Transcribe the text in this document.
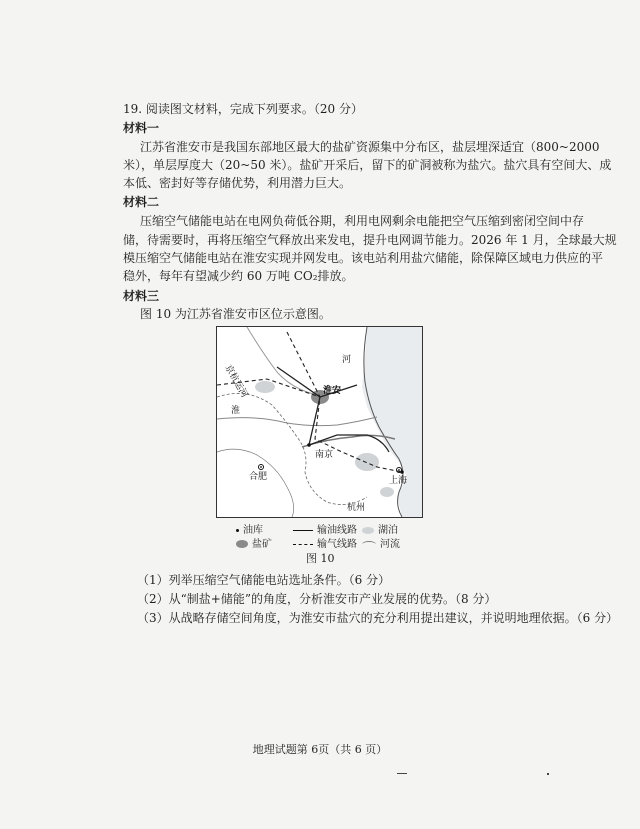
19. 阅读图文材料，完成下列要求。（20 分）
材料一
江苏省淮安市是我国东部地区最大的盐矿资源集中分布区，盐层埋深适宜（800~2000
米），单层厚度大（20~50 米）。盐矿开采后，留下的矿洞被称为盐穴。盐穴具有空间大、成
本低、密封好等存储优势，利用潜力巨大。
材料二
压缩空气储能电站在电网负荷低谷期，利用电网剩余电能把空气压缩到密闭空间中存
储，待需要时，再将压缩空气释放出来发电，提升电网调节能力。2026 年 1 月，全球最大规
模压缩空气储能电站在淮安实现并网发电。该电站利用盐穴储能，除保障区域电力供应的平
稳外，每年有望减少约 60 万吨 CO₂排放。
材料三
图 10 为江苏省淮安市区位示意图。
京杭运河	淮安
南京
合肥	上海
杭州
淮
河
油库	输油线路	湖泊
盐矿	输气线路	河流
图 10
（1）列举压缩空气储能电站选址条件。（6 分）
（2）从“制盐+储能”的角度，分析淮安市产业发展的优势。（8 分）
（3）从战略存储空间角度，为淮安市盐穴的充分利用提出建议，并说明地理依据。（6 分）
地理试题第 6页（共 6 页）
